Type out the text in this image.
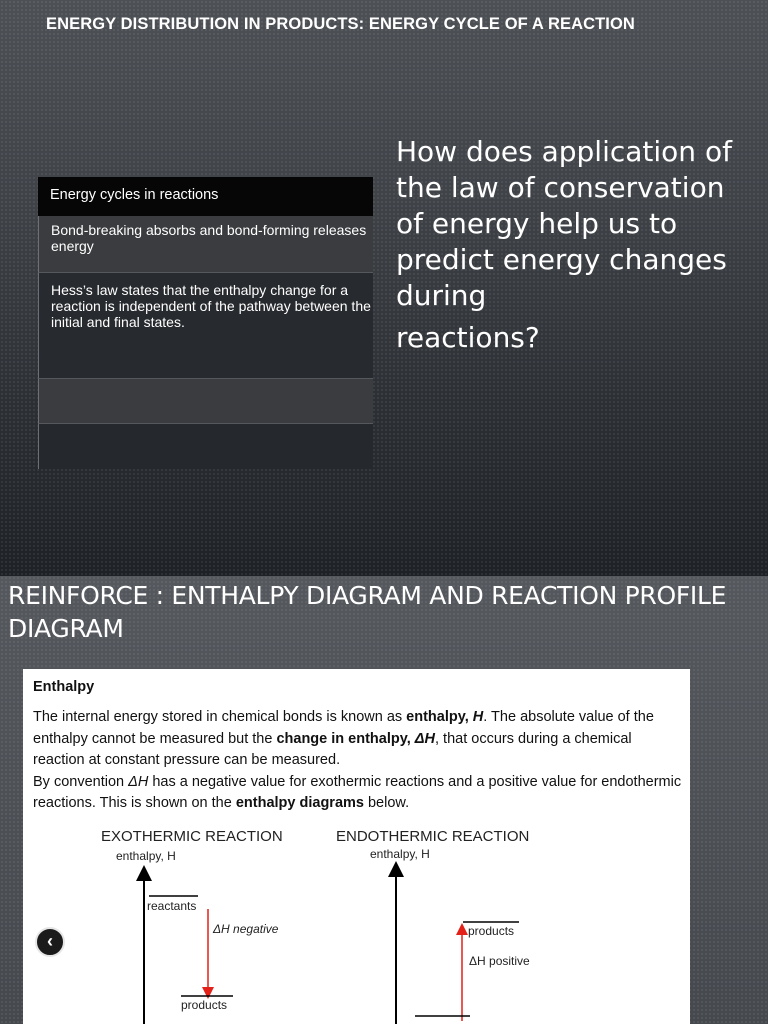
ENERGY DISTRIBUTION IN PRODUCTS: ENERGY CYCLE OF A REACTION
Energy cycles in reactions
Bond-breaking absorbs and bond-forming releases energy
Hess’s law states that the enthalpy change for a reaction is independent of the pathway between the initial and final states.
How does application of the law of conservation of energy help us to predict energy changes during
reactions?
REINFORCE : ENTHALPY DIAGRAM AND REACTION PROFILE DIAGRAM
Enthalpy
The internal energy stored in chemical bonds is known as enthalpy, H. The absolute value of the enthalpy cannot be measured but the change in enthalpy, ΔH, that occurs during a chemical reaction at constant pressure can be measured.
By convention ΔH has a negative value for exothermic reactions and a positive value for endothermic reactions. This is shown on the enthalpy diagrams below.
EXOTHERMIC REACTION
enthalpy, H
reactants
ΔH negative
products
ENDOTHERMIC REACTION
enthalpy, H
products
ΔH positive
‹
